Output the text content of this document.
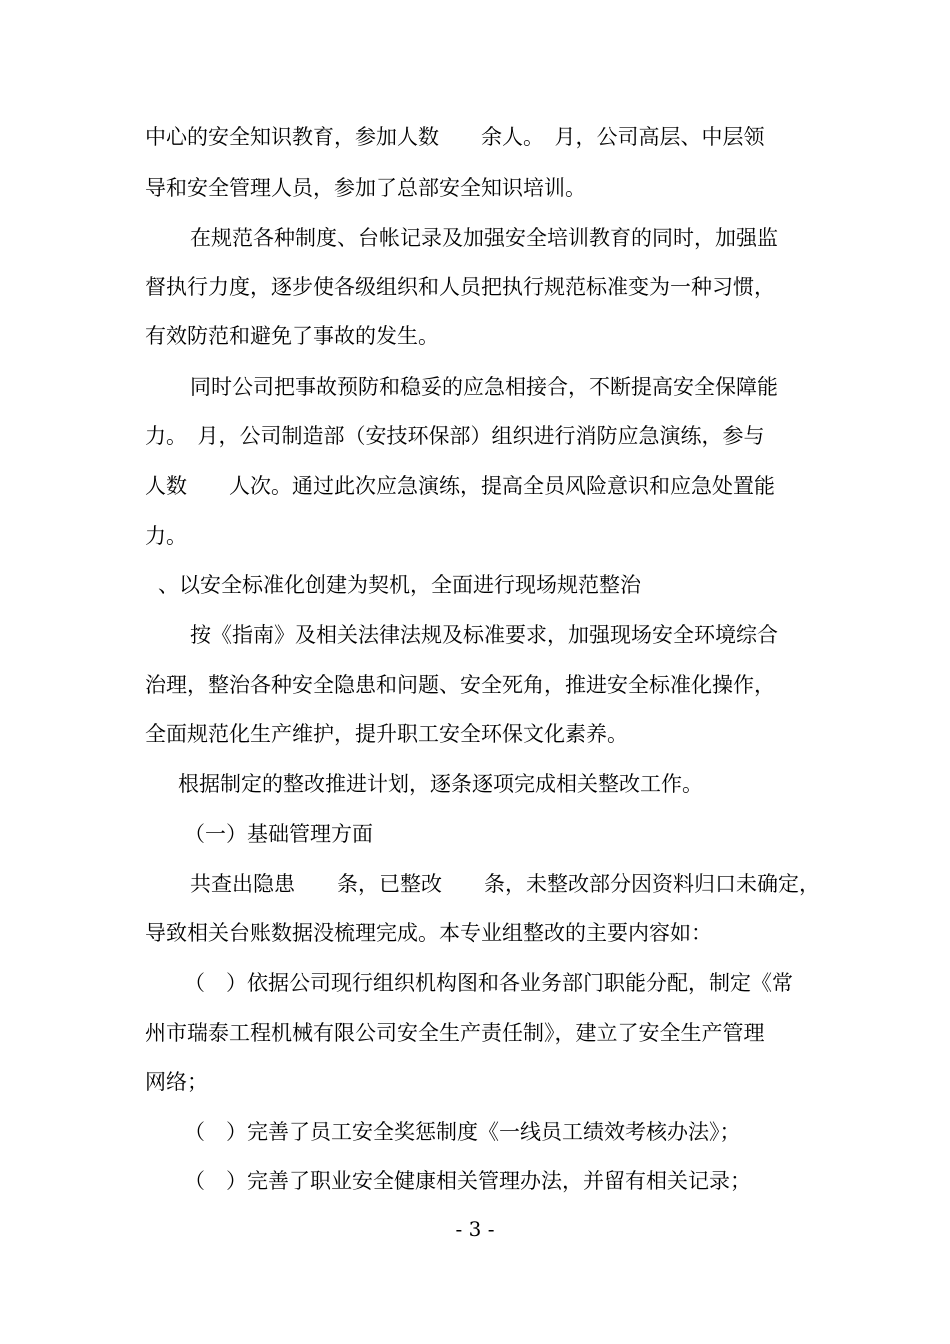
中心的安全知识教育，参加人数　　余人。　月，公司高层、中层领
导和安全管理人员，参加了总部安全知识培训。
在规范各种制度、台帐记录及加强安全培训教育的同时，加强监
督执行力度，逐步使各级组织和人员把执行规范标准变为一种习惯，
有效防范和避免了事故的发生。
同时公司把事故预防和稳妥的应急相接合，不断提高安全保障能
力。　月，公司制造部（安技环保部）组织进行消防应急演练，参与
人数　　人次。通过此次应急演练，提高全员风险意识和应急处置能
力。
、以安全标准化创建为契机，全面进行现场规范整治
按《指南》及相关法律法规及标准要求，加强现场安全环境综合
治理，整治各种安全隐患和问题、安全死角，推进安全标准化操作，
全面规范化生产维护，提升职工安全环保文化素养。
根据制定的整改推进计划，逐条逐项完成相关整改工作。
（一）基础管理方面
共查出隐患　　条，已整改　　条，未整改部分因资料归口未确定，
导致相关台账数据没梳理完成。本专业组整改的主要内容如：
（　）依据公司现行组织机构图和各业务部门职能分配，制定《常
州市瑞泰工程机械有限公司安全生产责任制》，建立了安全生产管理
网络；
（　）完善了员工安全奖惩制度《一线员工绩效考核办法》；
（　）完善了职业安全健康相关管理办法，并留有相关记录；
- 3 -
